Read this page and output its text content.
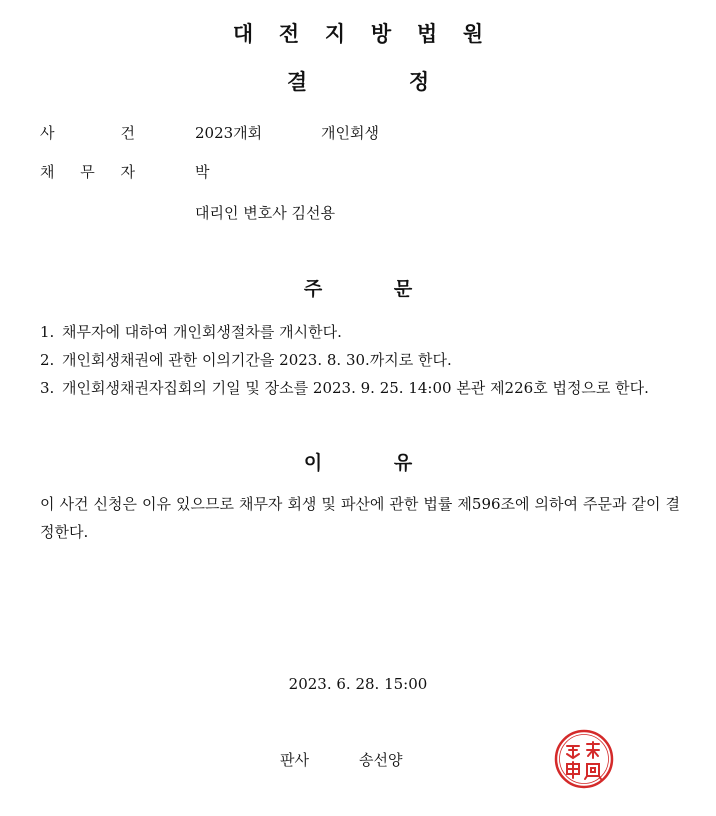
대 전 지 방 법 원
결	정
사	건	2023개회	개인회생
채 무 자	박
대리인 변호사 김선용
주	문
1. 채무자에 대하여 개인회생절차를 개시한다.
2. 개인회생채권에 관한 이의기간을 2023. 8. 30.까지로 한다.
3. 개인회생채권자집회의 기일 및 장소를 2023. 9. 25. 14:00 본관 제226호 법정으로 한다.
이	유

이 사건 신청은 이유 있으므로 채무자 회생 및 파산에 관한 법률 제596조에 의하여 주문과 같이 결정한다.

2023. 6. 28. 15:00
판사	송선양
